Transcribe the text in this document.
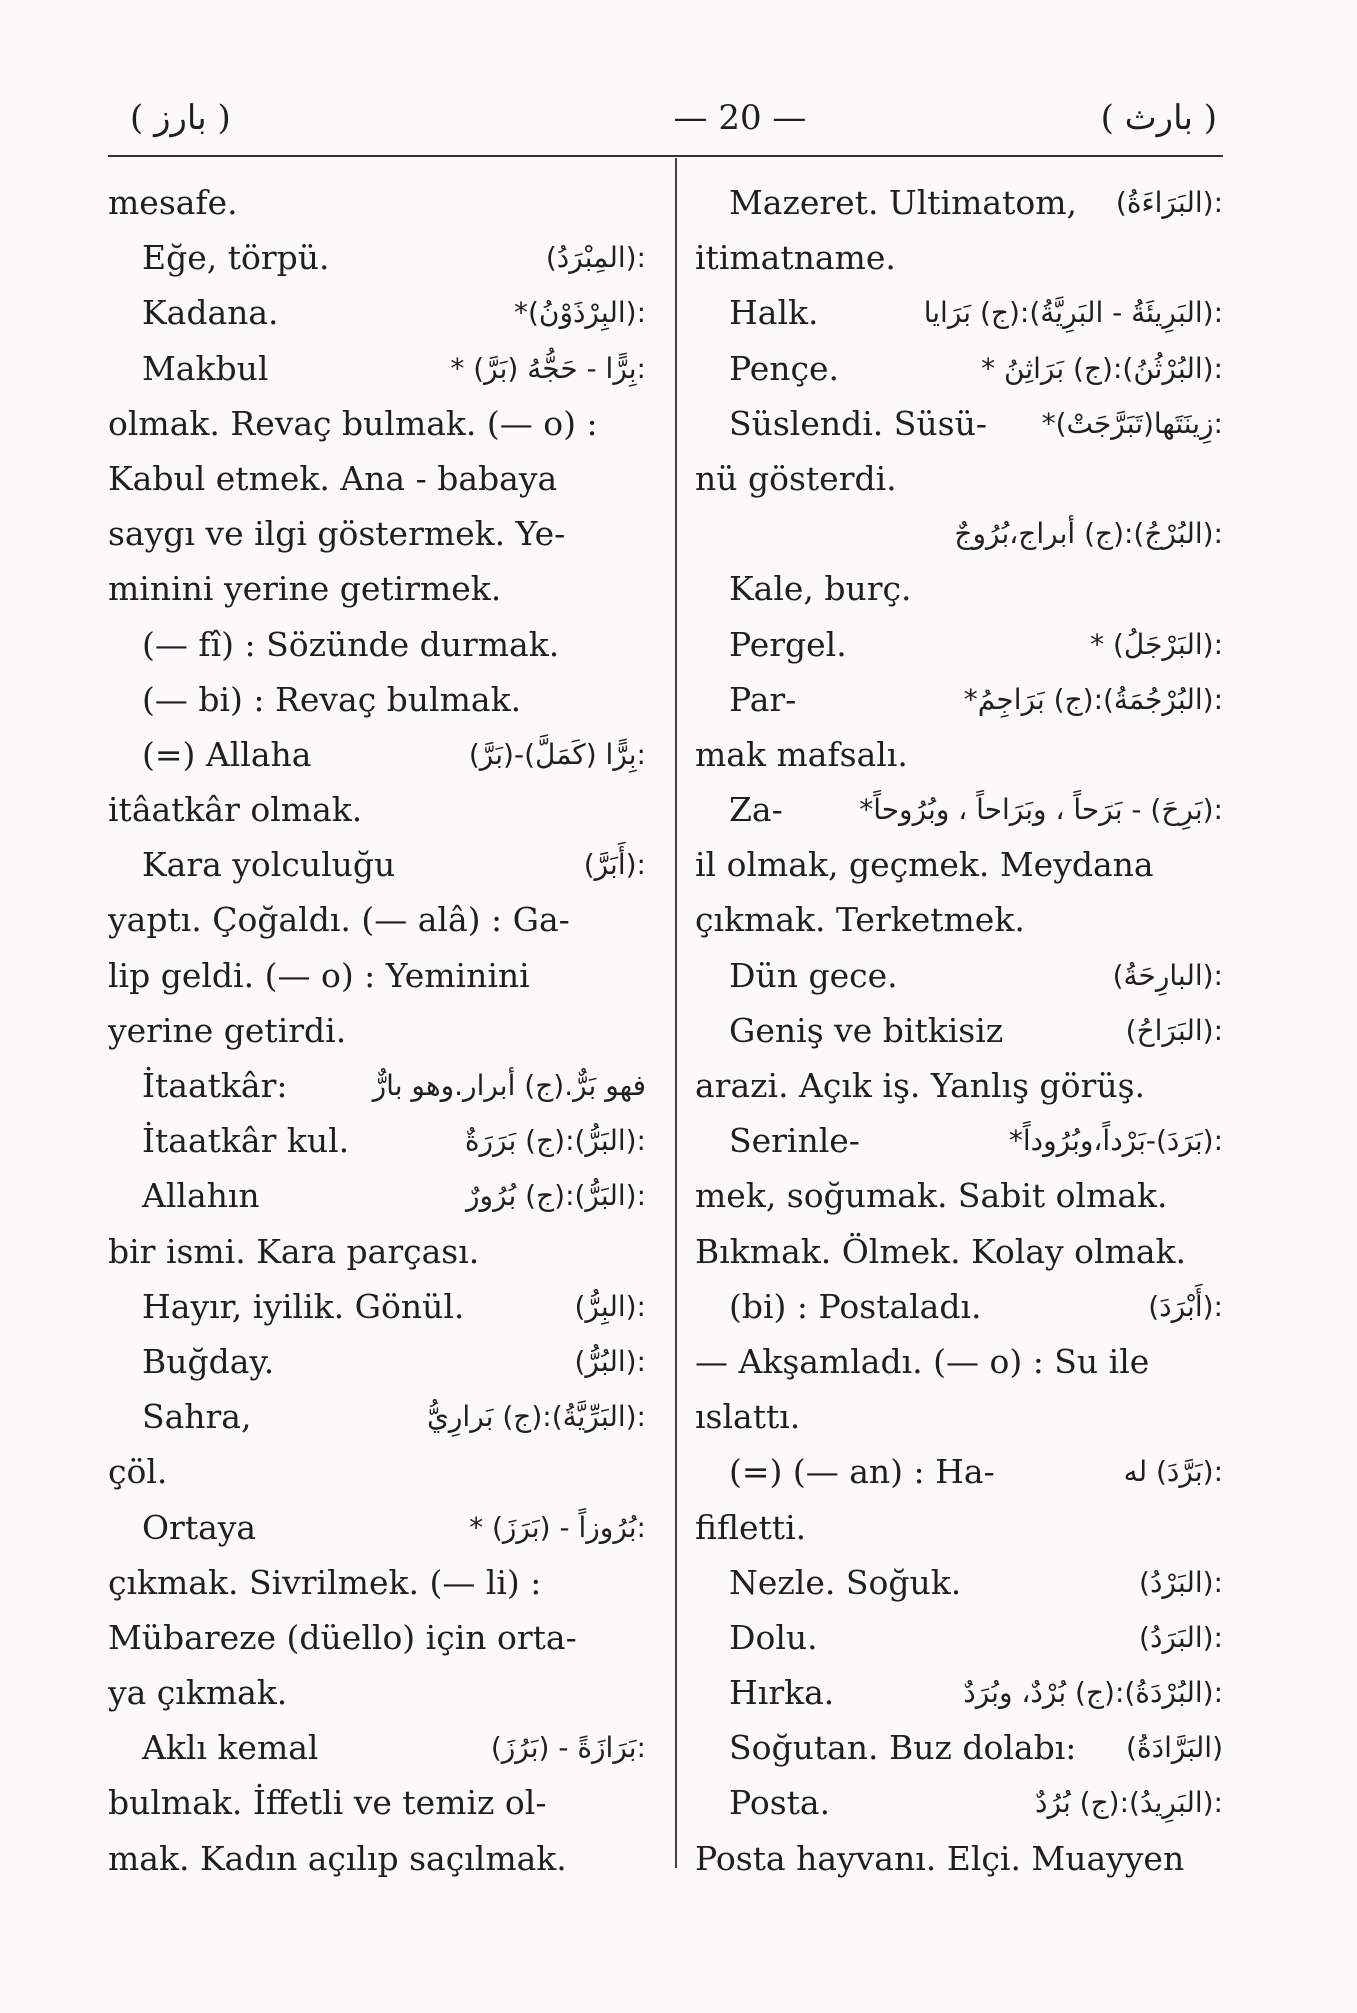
( بارز )	— 20 —	( بارث )
mesafe.
Eğe, törpü.	:(المِبْرَدُ)
Kadana.	:(البِرْذَوْنُ)*
Makbul	:بِرًّا - حَجُّهُ (بَرَّ) *
olmak. Revaç bulmak. (— o) :
Kabul etmek. Ana - babaya
saygı ve ilgi göstermek. Ye-
minini yerine getirmek.
(— fî) : Sözünde durmak.
(— bi) : Revaç bulmak.
(=) Allaha	:بِرًّا (كَمَلَّ)-(بَرَّ)
itâatkâr olmak.
Kara yolculuğu	:(أَبَرَّ)
yaptı. Çoğaldı. (— alâ) : Ga-
lip geldi. (— o) : Yeminini
yerine getirdi.
İtaatkâr:	فهو بَرٌّ.(ج) أبرار.وهو بارٌّ
İtaatkâr kul.	:(البَرُّ):(ج) بَرَرَةٌ
Allahın	:(البَرُّ):(ج) بُرُورٌ
bir ismi. Kara parçası.
Hayır, iyilik. Gönül.	:(البِرُّ)
Buğday.	:(البُرُّ)
Sahra,	:(البَرِّيَّةُ):(ج) بَرارِيُّ
çöl.
Ortaya	:بُرُوزاً - (بَرَزَ) *
çıkmak. Sivrilmek. (— li) :
Mübareze (düello) için orta-
ya çıkmak.
Aklı kemal	:بَرَازَةً - (بَرُزَ)
bulmak. İffetli ve temiz ol-
mak. Kadın açılıp saçılmak.
Mazeret. Ultimatom, :(البَرَاءَةُ)
itimatname.
Halk.	:(البَرِيئَةُ - البَرِيَّةُ):(ج) بَرَايا
Pençe.	:(البُرْثُنُ):(ج) بَرَاثِنُ *
Süslendi. Süsü- :زِينَتَها(تَبَرَّجَتْ)*
nü gösterdi.
:(البُرْجُ):(ج) أبراج،بُرُوجٌ
Kale, burç.
Pergel.	:(البَرْجَلُ) *
Par-	:(البُرْجُمَةُ):(ج) بَرَاجِمُ*
mak mafsalı.
Za-	:(بَرِحَ) - بَرَحاً ، وبَرَاحاً ، وبُرُوحاً*
il olmak, geçmek. Meydana
çıkmak. Terketmek.
Dün gece.	:(البارِحَةُ)
Geniş ve bitkisiz	:(البَرَاحُ)
arazi. Açık iş. Yanlış görüş.
Serinle-	:(بَرَدَ)-بَرْداً،وبُرُوداً*
mek, soğumak. Sabit olmak.
Bıkmak. Ölmek. Kolay olmak.
(bi) : Postaladı.	:(أَبْرَدَ)
— Akşamladı. (— o) : Su ile
ıslattı.
(=) (— an) : Ha-	:(بَرَّدَ) له
fifletti.
Nezle. Soğuk.	:(البَرْدُ)
Dolu.	:(البَرَدُ)
Hırka.	:(البُرْدَةُ):(ج) بُرْدٌ، وبُرَدٌ
Soğutan. Buz dolabı: (البَرَّادَةُ)
Posta.	:(البَرِيدُ):(ج) بُرُدٌ
Posta hayvanı. Elçi. Muayyen
